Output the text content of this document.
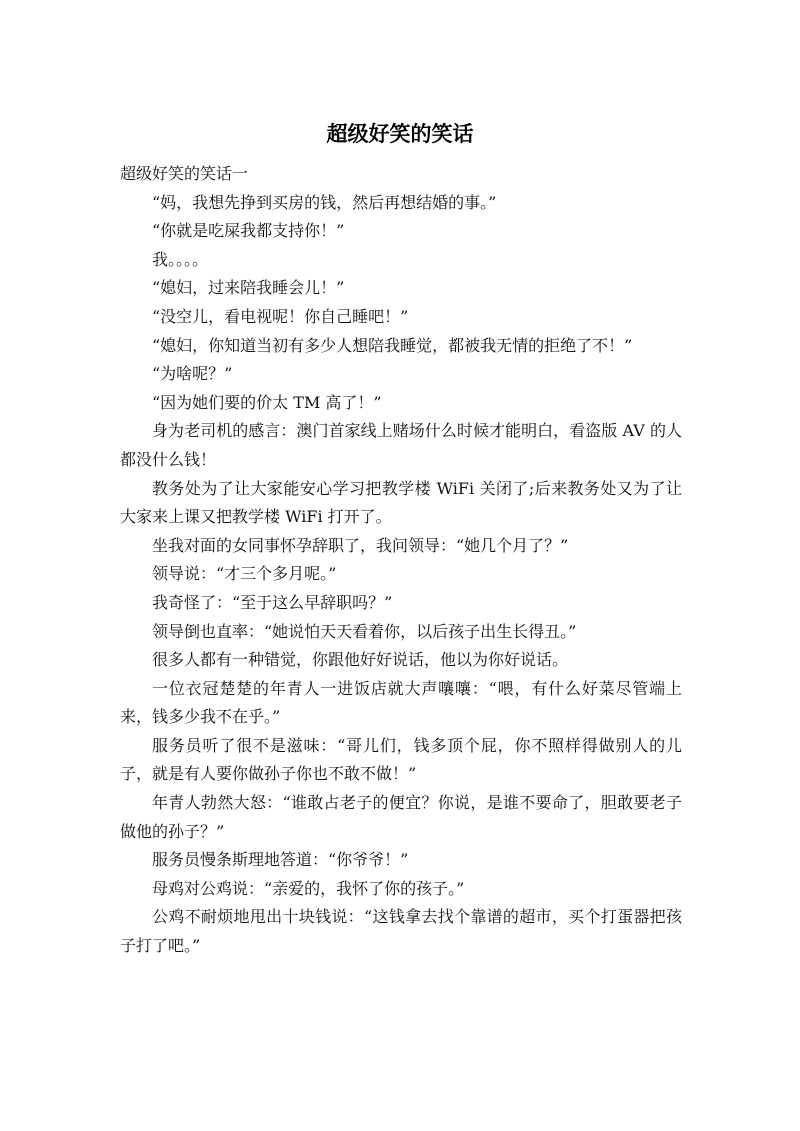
超级好笑的笑话

超级好笑的笑话一

“妈，我想先挣到买房的钱，然后再想结婚的事。”

“你就是吃屎我都支持你！”

我。。。。

“媳妇，过来陪我睡会儿！”

“没空儿，看电视呢！你自己睡吧！”

“媳妇，你知道当初有多少人想陪我睡觉，都被我无情的拒绝了不！”

“为啥呢？”

“因为她们要的价太 TM 高了！”

身为老司机的感言：澳门首家线上赌场什么时候才能明白，看盗版 AV 的人都没什么钱！

教务处为了让大家能安心学习把教学楼 WiFi 关闭了;后来教务处又为了让大家来上课又把教学楼 WiFi 打开了。

坐我对面的女同事怀孕辞职了，我问领导：“她几个月了？”

领导说：“才三个多月呢。”

我奇怪了：“至于这么早辞职吗？”

领导倒也直率：“她说怕天天看着你，以后孩子出生长得丑。”

很多人都有一种错觉，你跟他好好说话，他以为你好说话。

一位衣冠楚楚的年青人一进饭店就大声嚷嚷：“喂，有什么好菜尽管端上来，钱多少我不在乎。”

服务员听了很不是滋味：“哥儿们，钱多顶个屁，你不照样得做别人的儿子，就是有人要你做孙子你也不敢不做！”

年青人勃然大怒：“谁敢占老子的便宜？你说，是谁不要命了，胆敢要老子做他的孙子？”

服务员慢条斯理地答道：“你爷爷！”

母鸡对公鸡说：“亲爱的，我怀了你的孩子。”

公鸡不耐烦地甩出十块钱说：“这钱拿去找个靠谱的超市，买个打蛋器把孩子打了吧。”
